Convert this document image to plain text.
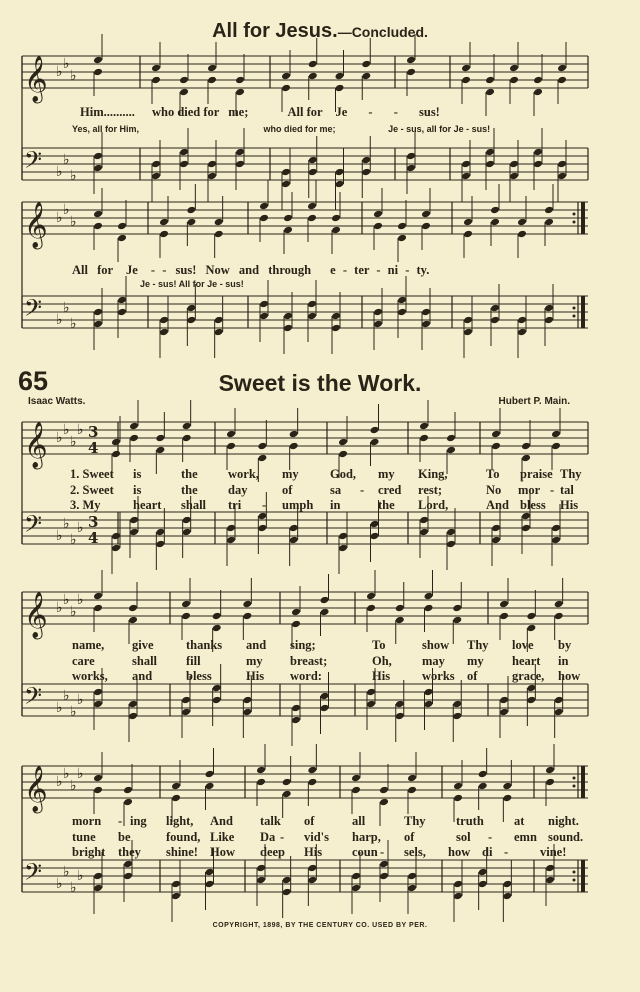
All for Jesus.—Concluded.
65	Sweet is the Work.
Isaac Watts.	Hubert P. Main.
COPYRIGHT, 1898, BY THE CENTURY CO. USED BY PER.
𝄞 ♭ ♭
♭
𝄢 ♭
♭
♭
𝄞 ♭ ♭
♭
𝄢 ♭
♭
♭
𝄞 ♭ ♭
♭
♭ 3
4
𝄢 ♭
♭
♭
♭ 3
4
𝄞 ♭ ♭
♭
♭
𝄢 ♭
♭
♭
♭
𝄞 ♭ ♭
♭
♭
𝄢 ♭
♭
♭
♭
Him.......... who died for me;	All for Je - - sus!
Yes, all for Him,	who died for me;	Je - sus, all for Je - sus!
All for Je - - sus! Now and through e - ter - ni - ty.
Je - sus! All for Je - sus!
1. Sweet is	the work, my	God, my King,	To praise Thy
2. Sweet is	the day	of	sa - cred rest;	No mor - tal
3. My	heart shall tri - umph in	the Lord,	And bless His
name, give	thanks and sing;	To	show Thy love by
care	shall fill	my breast;	Oh, may my heart in
works, and	bless	His word:	His	works of	grace, how
morn - ing light, And talk of	all	Thy truth at night.
tune be	found, Like Da - vid's harp, of	sol - emn sound.
bright they shine! How deep His coun - sels, how di -	vine!
